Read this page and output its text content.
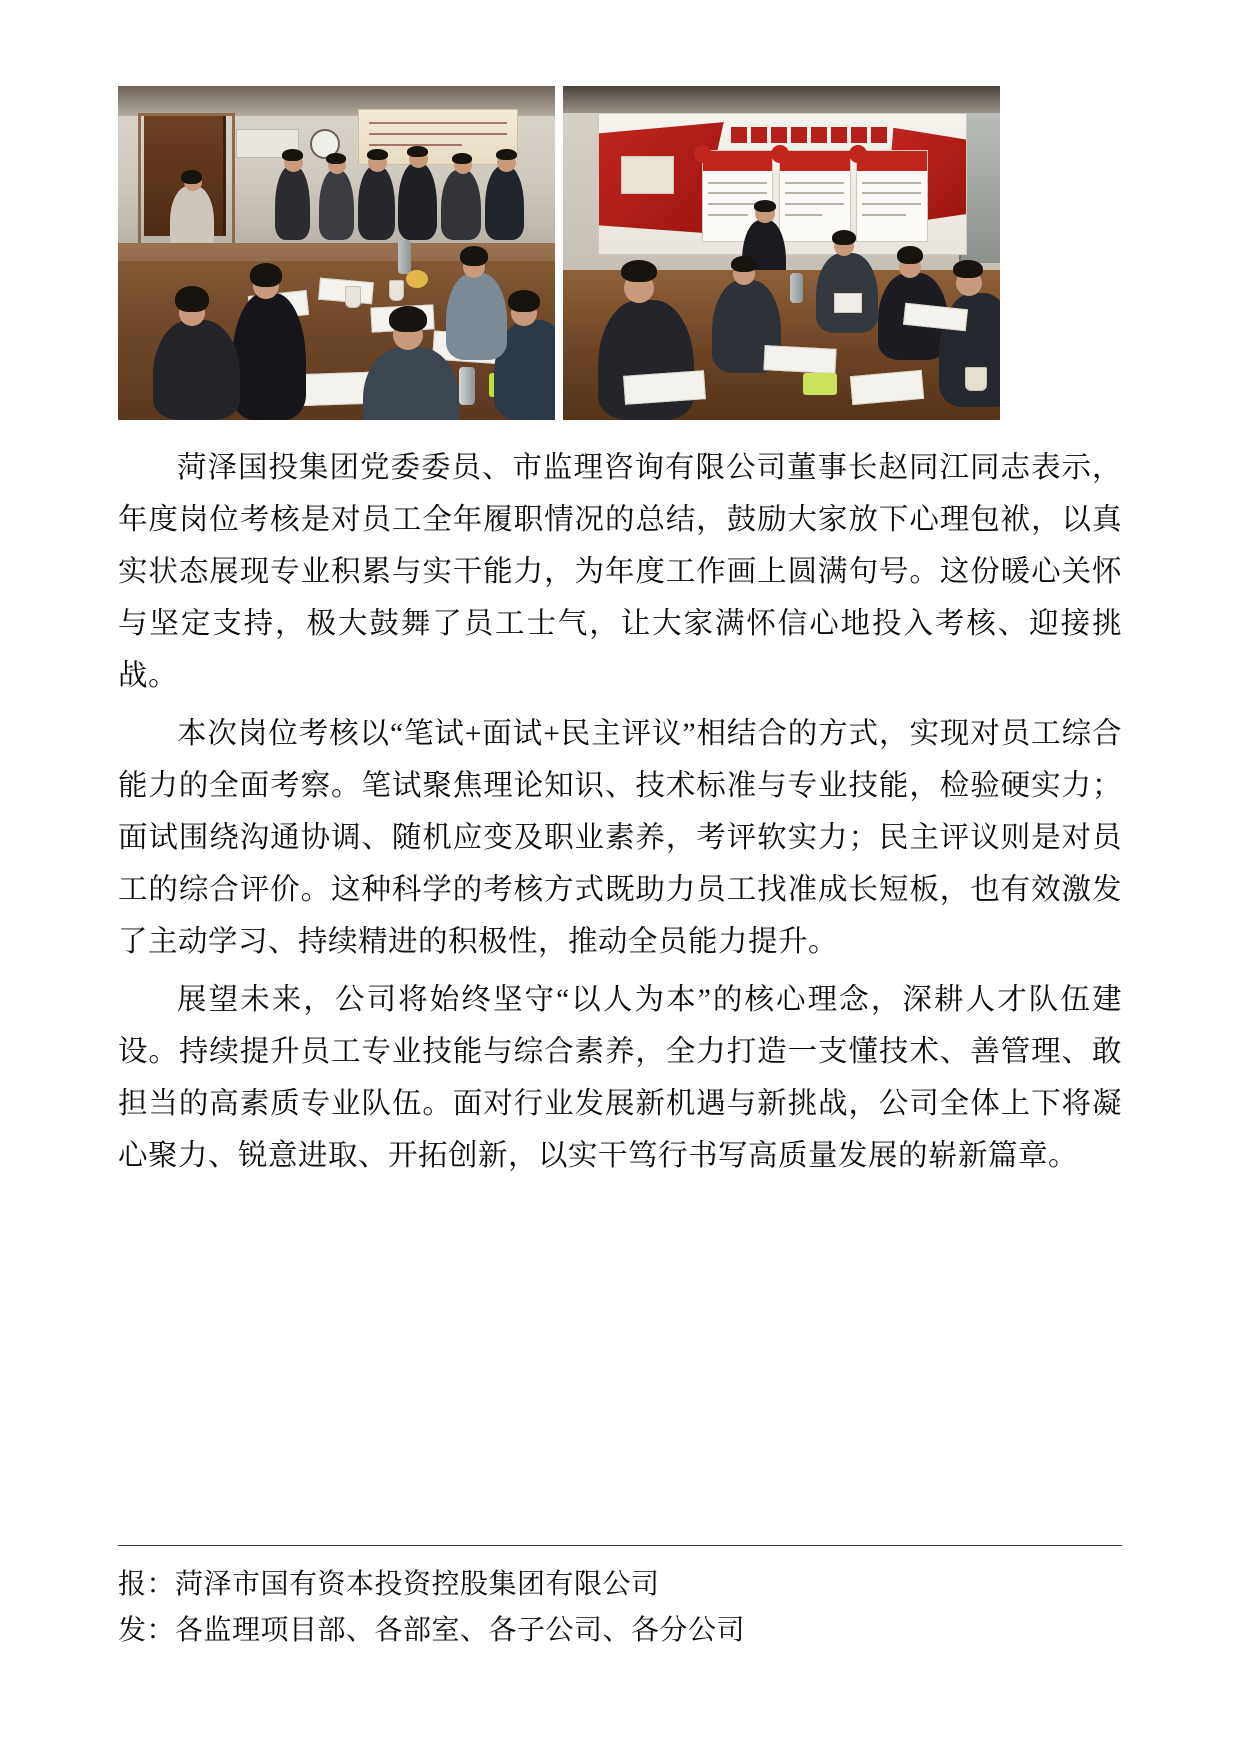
菏泽国投集团党委委员、市监理咨询有限公司董事长赵同江同志表示，年度岗位考核是对员工全年履职情况的总结，鼓励大家放下心理包袱，以真实状态展现专业积累与实干能力，为年度工作画上圆满句号。这份暖心关怀与坚定支持，极大鼓舞了员工士气，让大家满怀信心地投入考核、迎接挑战。

本次岗位考核以“笔试+面试+民主评议”相结合的方式，实现对员工综合能力的全面考察。笔试聚焦理论知识、技术标准与专业技能，检验硬实力；面试围绕沟通协调、随机应变及职业素养，考评软实力；民主评议则是对员工的综合评价。这种科学的考核方式既助力员工找准成长短板，也有效激发了主动学习、持续精进的积极性，推动全员能力提升。

展望未来，公司将始终坚守“以人为本”的核心理念，深耕人才队伍建设。持续提升员工专业技能与综合素养，全力打造一支懂技术、善管理、敢担当的高素质专业队伍。面对行业发展新机遇与新挑战，公司全体上下将凝心聚力、锐意进取、开拓创新，以实干笃行书写高质量发展的崭新篇章。

报：菏泽市国有资本投资控股集团有限公司
发：各监理项目部、各部室、各子公司、各分公司
